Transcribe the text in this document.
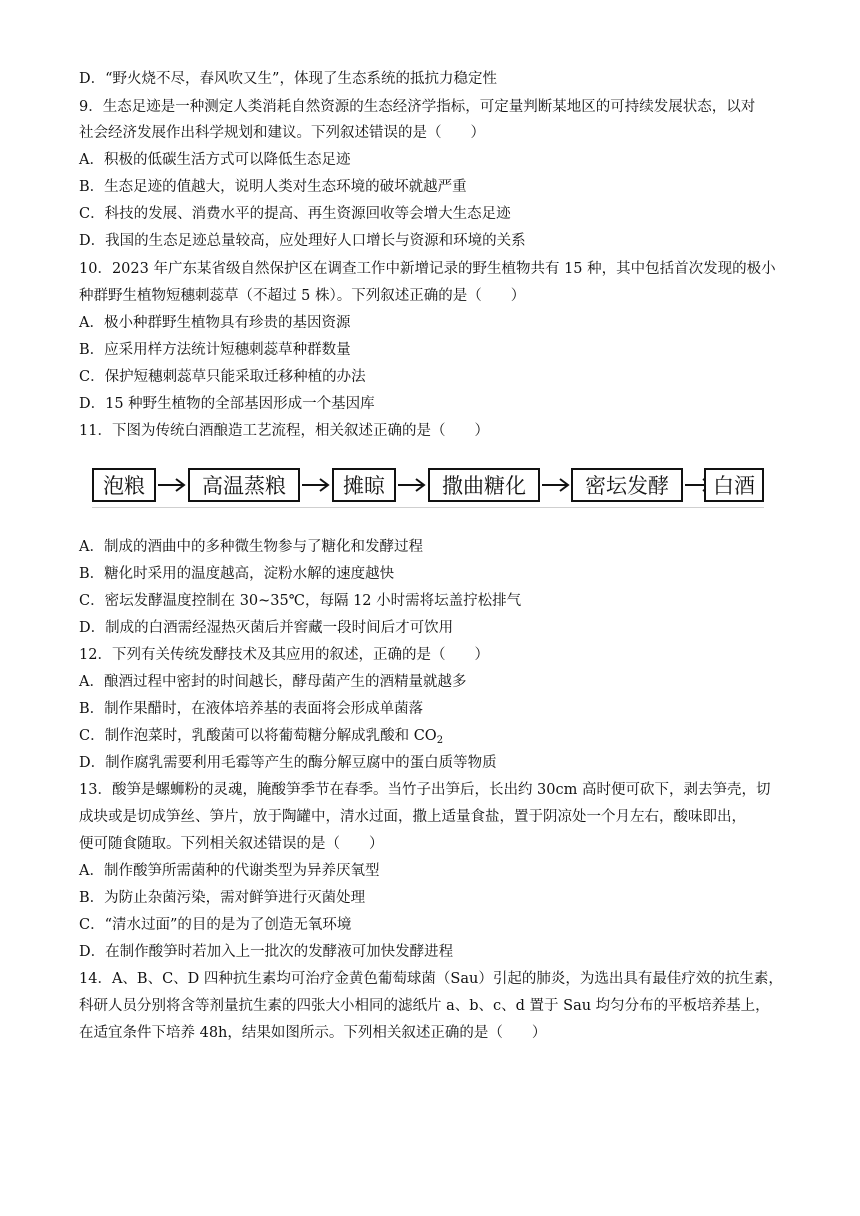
D．“野火烧不尽，春风吹又生”，体现了生态系统的抵抗力稳定性
9．生态足迹是一种测定人类消耗自然资源的生态经济学指标，可定量判断某地区的可持续发展状态，以对
社会经济发展作出科学规划和建议。下列叙述错误的是（　　）
A．积极的低碳生活方式可以降低生态足迹
B．生态足迹的值越大，说明人类对生态环境的破坏就越严重
C．科技的发展、消费水平的提高、再生资源回收等会增大生态足迹
D．我国的生态足迹总量较高，应处理好人口增长与资源和环境的关系
10．2023 年广东某省级自然保护区在调查工作中新增记录的野生植物共有 15 种，其中包括首次发现的极小
种群野生植物短穗刺蕊草（不超过 5 株）。下列叙述正确的是（　　）
A．极小种群野生植物具有珍贵的基因资源
B．应采用样方法统计短穗刺蕊草种群数量
C．保护短穗刺蕊草只能采取迁移种植的办法
D．15 种野生植物的全部基因形成一个基因库
11．下图为传统白酒酿造工艺流程，相关叙述正确的是（　　）
泡粮	高温蒸粮	摊晾	撒曲糖化	密坛发酵	白酒
A．制成的酒曲中的多种微生物参与了糖化和发酵过程
B．糖化时采用的温度越高，淀粉水解的速度越快
C．密坛发酵温度控制在 30~35℃，每隔 12 小时需将坛盖拧松排气
D．制成的白酒需经湿热灭菌后并窖藏一段时间后才可饮用
12．下列有关传统发酵技术及其应用的叙述，正确的是（　　）
A．酿酒过程中密封的时间越长，酵母菌产生的酒精量就越多
B．制作果醋时，在液体培养基的表面将会形成单菌落
C．制作泡菜时，乳酸菌可以将葡萄糖分解成乳酸和 $CO_2$
D．制作腐乳需要利用毛霉等产生的酶分解豆腐中的蛋白质等物质
13．酸笋是螺蛳粉的灵魂，腌酸笋季节在春季。当竹子出笋后，长出约 30cm 高时便可砍下，剥去笋壳，切
成块或是切成笋丝、笋片，放于陶罐中，清水过面，撒上适量食盐，置于阴凉处一个月左右，酸味即出，
便可随食随取。下列相关叙述错误的是（　　）
A．制作酸笋所需菌种的代谢类型为异养厌氧型
B．为防止杂菌污染，需对鲜笋进行灭菌处理
C．“清水过面”的目的是为了创造无氧环境
D．在制作酸笋时若加入上一批次的发酵液可加快发酵进程
14．A、B、C、D 四种抗生素均可治疗金黄色葡萄球菌（Sau）引起的肺炎，为选出具有最佳疗效的抗生素，
科研人员分别将含等剂量抗生素的四张大小相同的滤纸片 a、b、c、d 置于 Sau 均匀分布的平板培养基上，
在适宜条件下培养 48h，结果如图所示。下列相关叙述正确的是（　　）
